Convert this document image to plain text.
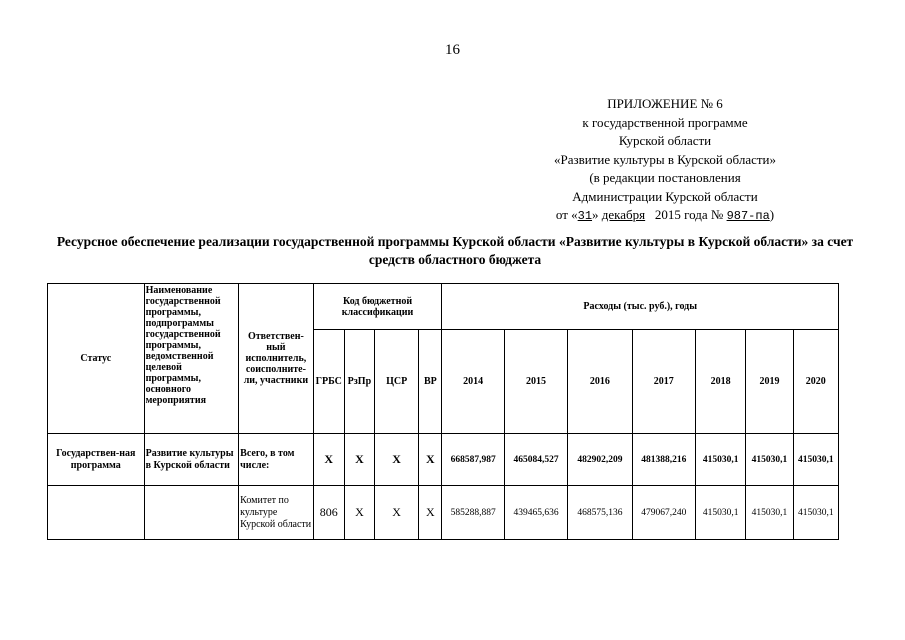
16
ПРИЛОЖЕНИЕ № 6
к государственной программе
Курской области
«Развитие культуры в Курской области»
(в редакции постановления
Администрации Курской области
от «31» декабря 2015 года № 987-па)
Ресурсное обеспечение реализации государственной программы Курской области «Развитие культуры в Курской области» за счет средств областного бюджета
Статус	Наименование государственной программы, подпрограммы государственной программы, ведомственной целевой программы, основного мероприятия	Ответствен-ный исполнитель, соисполните-ли, участники	Код бюджетной классификации				Расходы (тыс. руб.), годы						
			ГРБС	РзПр	ЦСР	ВР	2014	2015	2016	2017	2018	2019	2020
Государствен-ная программа	Развитие культуры в Курской области	Всего, в том числе:	X	X	X	X	668587,987	465084,527	482902,209	481388,216	415030,1	415030,1	415030,1
		Комитет по культуре Курской области	806	X	X	X	585288,887	439465,636	468575,136	479067,240	415030,1	415030,1	415030,1
